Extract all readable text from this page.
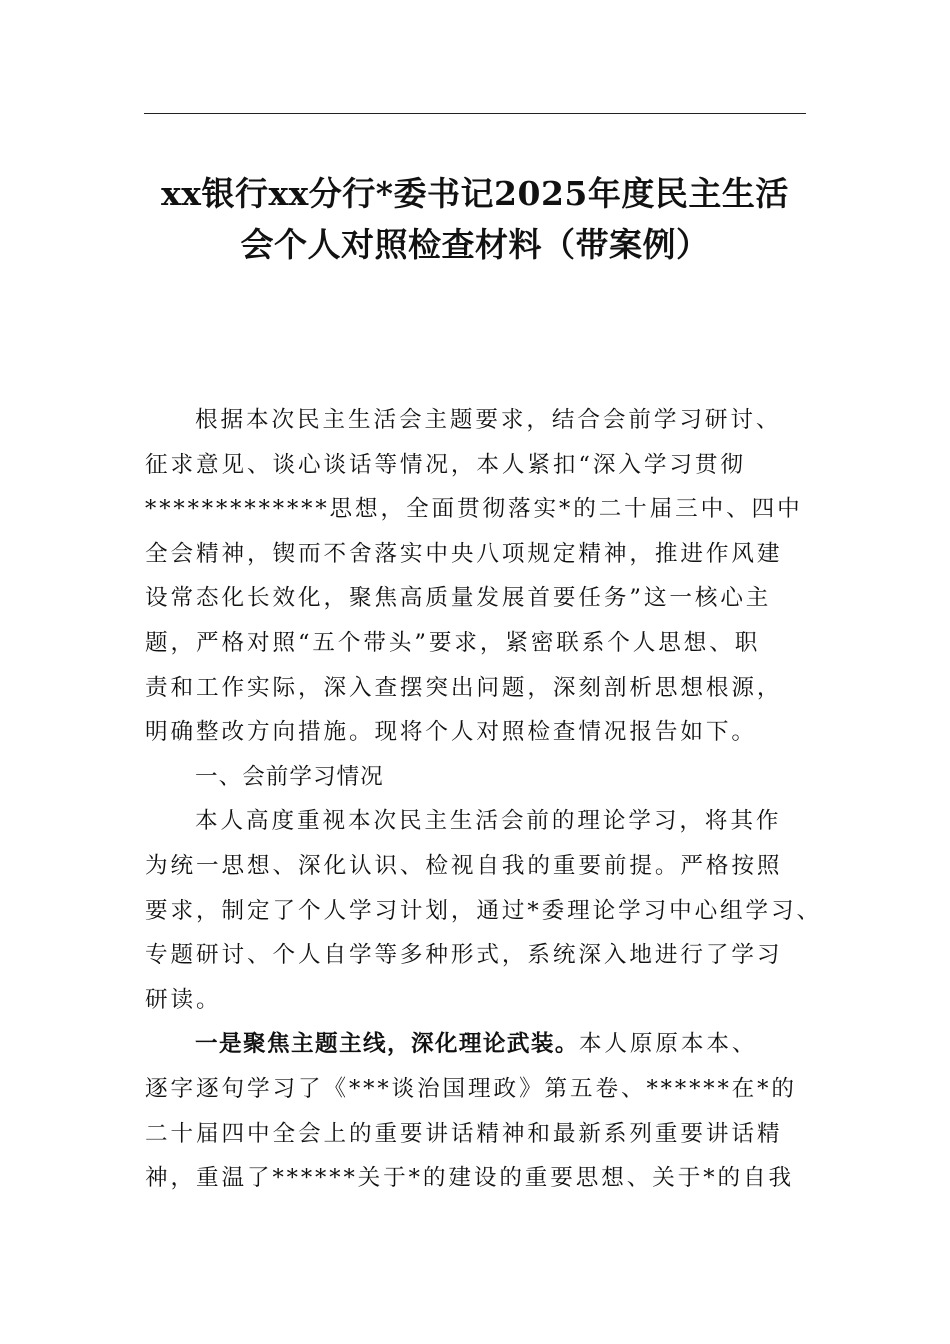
xx银行xx分行*委书记2025年度民主生活
会个人对照检查材料（带案例）
根据本次民主生活会主题要求，结合会前学习研讨、
征求意见、谈心谈话等情况，本人紧扣“深入学习贯彻
*************思想，全面贯彻落实*的二十届三中、四中
全会精神，锲而不舍落实中央八项规定精神，推进作风建
设常态化长效化，聚焦高质量发展首要任务”这一核心主
题，严格对照“五个带头”要求，紧密联系个人思想、职
责和工作实际，深入查摆突出问题，深刻剖析思想根源，
明确整改方向措施。现将个人对照检查情况报告如下。
一、会前学习情况
本人高度重视本次民主生活会前的理论学习，将其作
为统一思想、深化认识、检视自我的重要前提。严格按照
要求，制定了个人学习计划，通过*委理论学习中心组学习、
专题研讨、个人自学等多种形式，系统深入地进行了学习
研读。
一是聚焦主题主线，深化理论武装。本人原原本本、
逐字逐句学习了《***谈治国理政》第五卷、******在*的
二十届四中全会上的重要讲话精神和最新系列重要讲话精
神，重温了******关于*的建设的重要思想、关于*的自我
